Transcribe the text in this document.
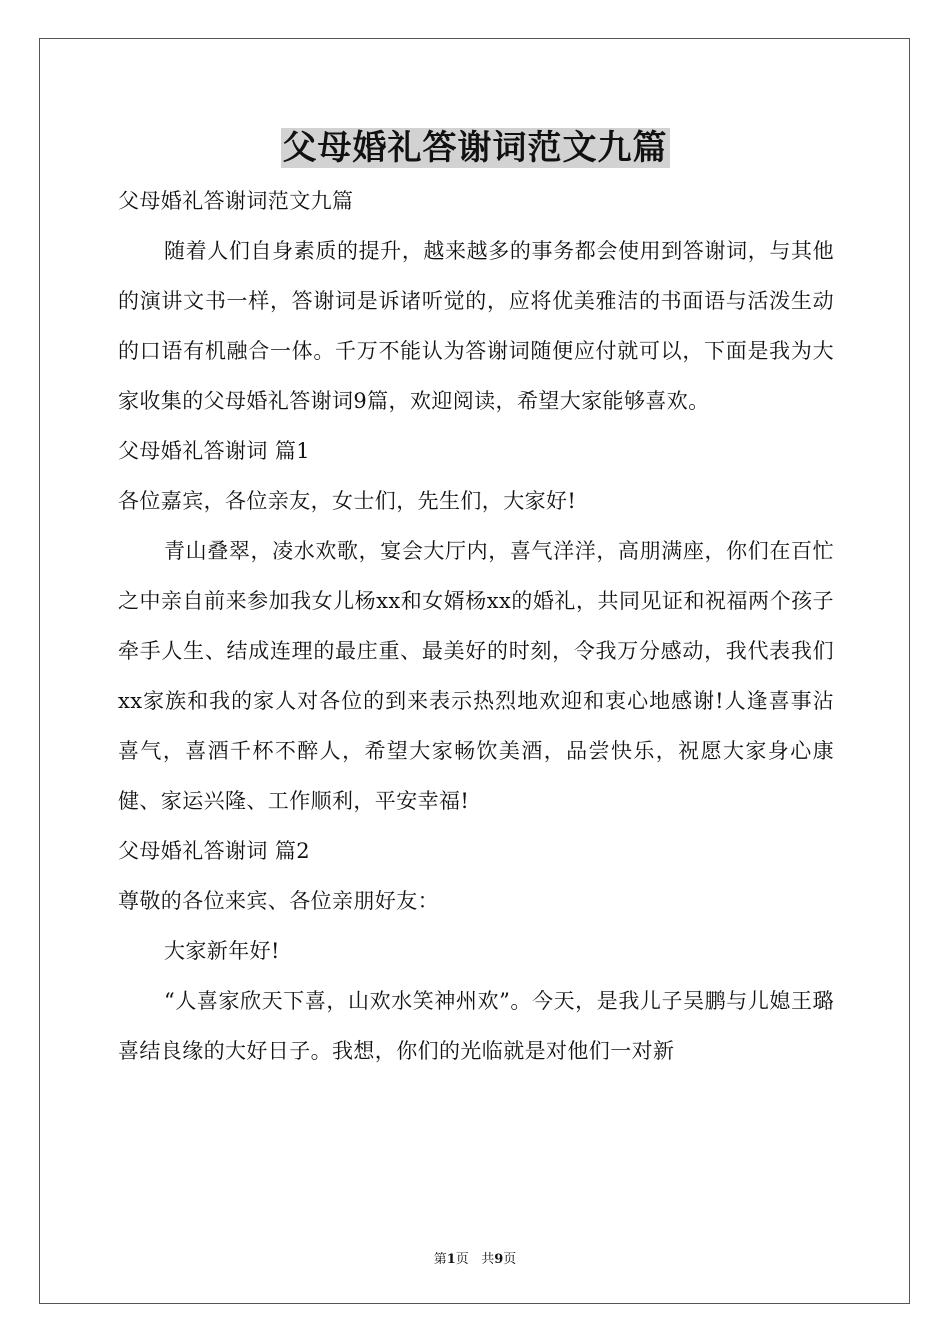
父母婚礼答谢词范文九篇

父母婚礼答谢词范文九篇

随着人们自身素质的提升，越来越多的事务都会使用到答谢词，与其他的演讲文书一样，答谢词是诉诸听觉的，应将优美雅洁的书面语与活泼生动的口语有机融合一体。千万不能认为答谢词随便应付就可以，下面是我为大家收集的父母婚礼答谢词9篇，欢迎阅读，希望大家能够喜欢。

父母婚礼答谢词 篇1

各位嘉宾，各位亲友，女士们，先生们，大家好!

青山叠翠，凌水欢歌，宴会大厅内，喜气洋洋，高朋满座，你们在百忙之中亲自前来参加我女儿杨xx和女婿杨xx的婚礼，共同见证和祝福两个孩子牵手人生、结成连理的最庄重、最美好的时刻，令我万分感动，我代表我们xx家族和我的家人对各位的到来表示热烈地欢迎和衷心地感谢!人逢喜事沾喜气，喜酒千杯不醉人，希望大家畅饮美酒，品尝快乐，祝愿大家身心康健、家运兴隆、工作顺利，平安幸福!

父母婚礼答谢词 篇2

尊敬的各位来宾、各位亲朋好友：

大家新年好!

“人喜家欣天下喜，山欢水笑神州欢”。今天，是我儿子吴鹏与儿媳王璐喜结良缘的大好日子。我想，你们的光临就是对他们一对新

第1页 共9页
